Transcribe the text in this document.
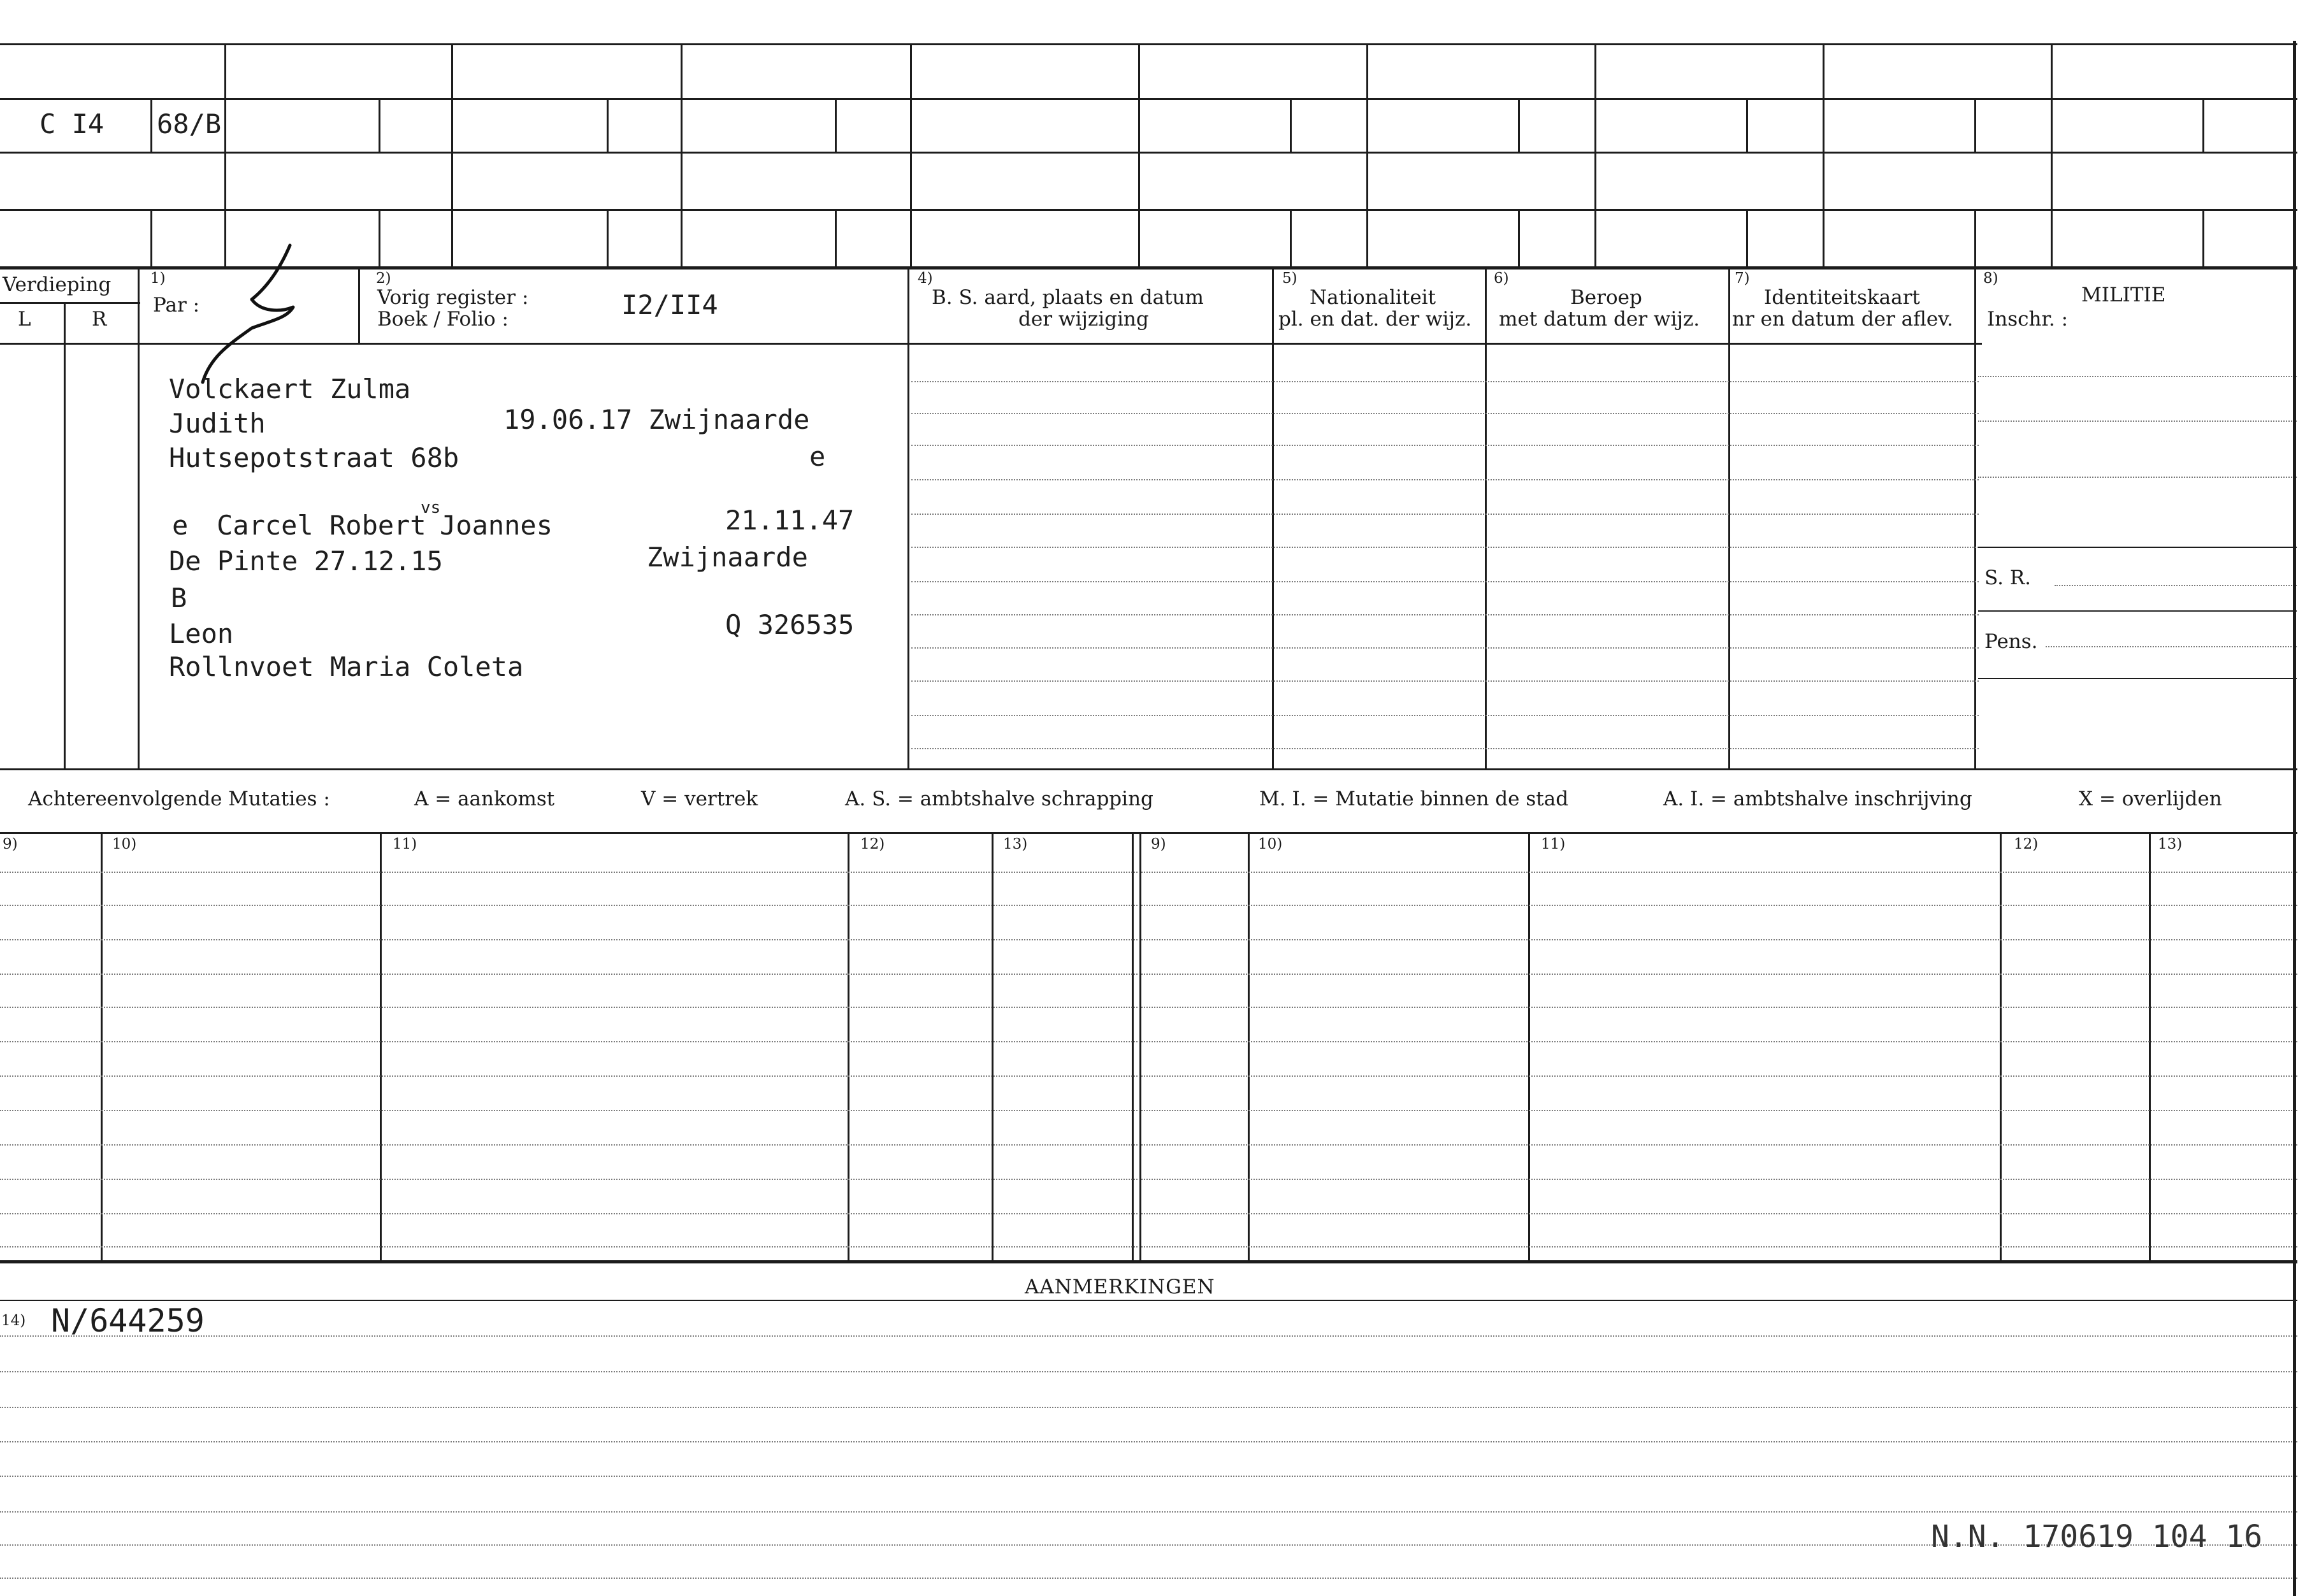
C I4 68/B
Verdieping
L	R
1)
Par :
2)
Vorig register :
Boek / Folio :	I2/II4
4)
B. S. aard, plaats en datum
der wijziging
5)
Nationaliteit
pl. en dat. der wijz.
6)
Beroep
met datum der wijz.
7)
Identiteitskaart
nr en datum der aflev.
8)
MILITIE
Inschr. :
S. R.
Pens.
Volckaert Zulma
Judith	19.06.17 Zwijnaarde
Hutsepotstraat 68b	e
e Carcel Robert
vs
Joannes	21.11.47
De Pinte 27.12.15	Zwijnaarde
B
Leon	Q 326535
Rollnvoet Maria Coleta
Achtereenvolgende Mutaties :	A = aankomst	V = vertrek	A. S. = ambtshalve schrapping	M. I. = Mutatie binnen de stad	A. I. = ambtshalve inschrijving	X = overlijden
9)	10)	11)	12)	13)	9)	10)	11)	12)	13)
AANMERKINGEN
14) N/644259
N.N. 170619 104 16
